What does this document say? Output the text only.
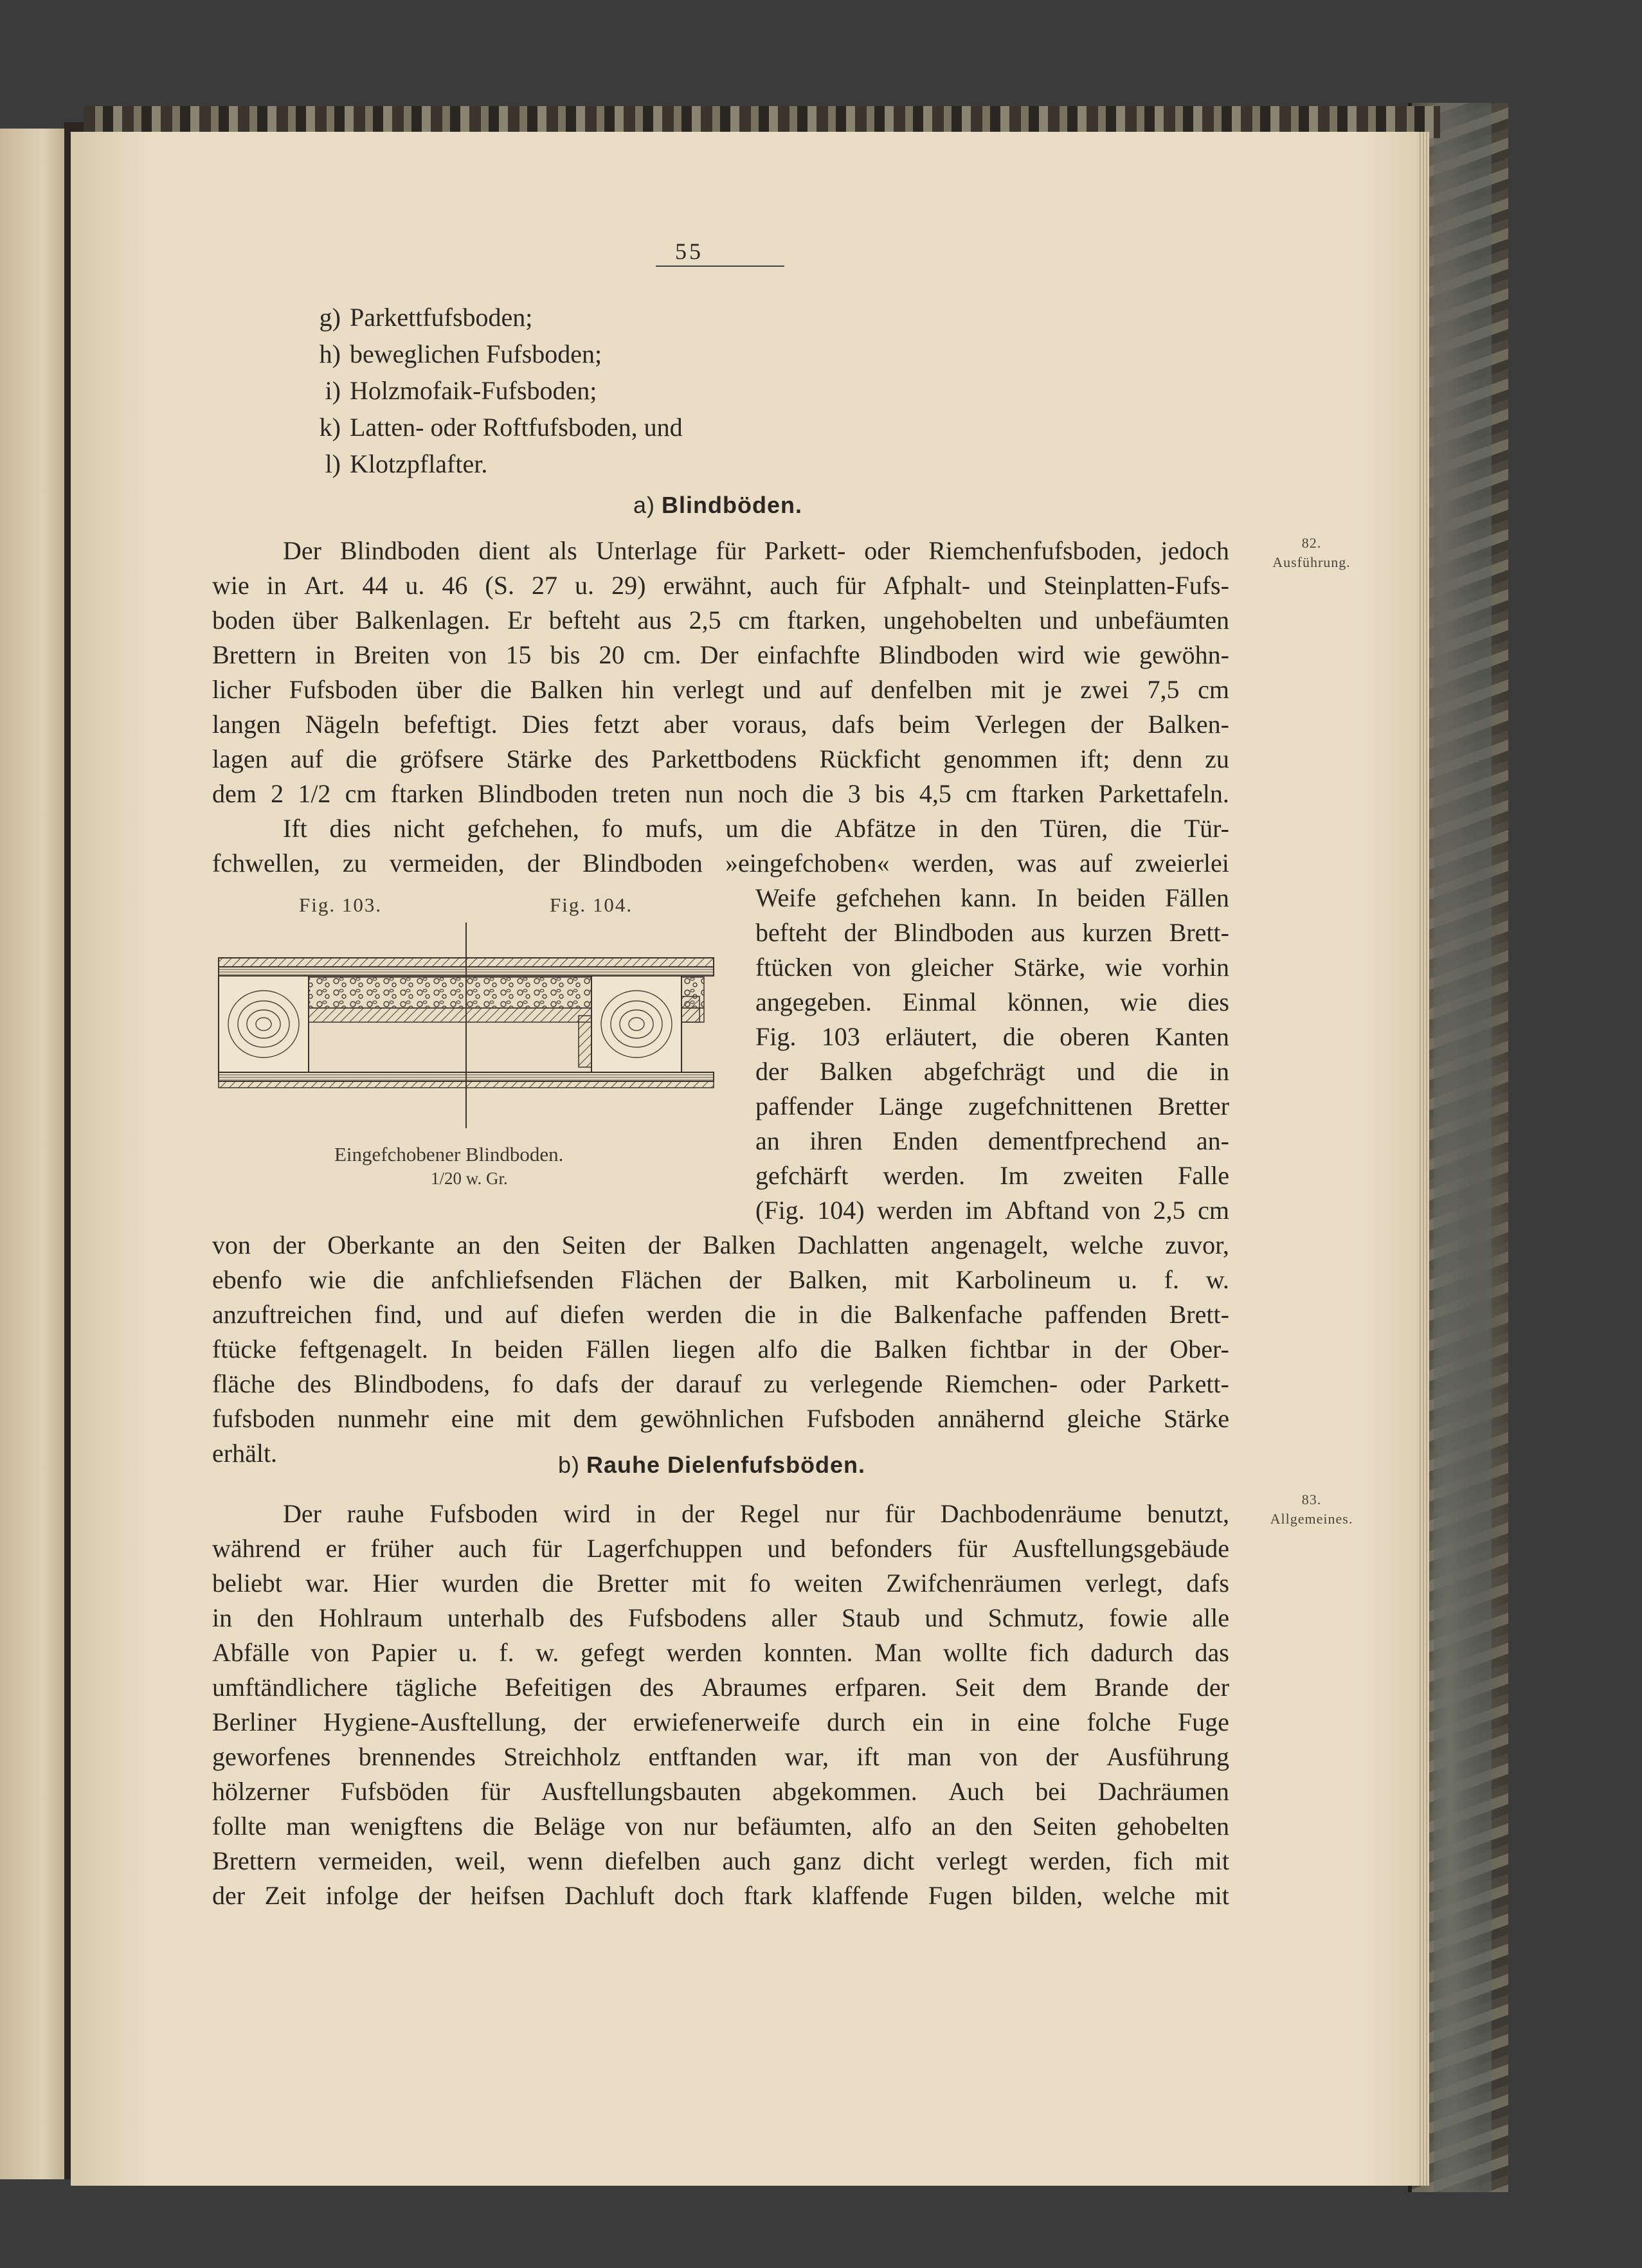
55
g) Parkettfufsboden;
h) beweglichen Fufsboden;
i) Holzmofaik-Fufsboden;
k) Latten- oder Roftfufsboden, und
l) Klotzpflafter.
a) Blindböden.
82.
Ausführung.
Der Blindboden dient als Unterlage für Parkett- oder Riemchenfufsboden, jedoch
wie in Art. 44 u. 46 (S. 27 u. 29) erwähnt, auch für Afphalt- und Steinplatten-Fufs-
boden über Balkenlagen. Er befteht aus 2,5 cm ftarken, ungehobelten und unbefäumten
Brettern in Breiten von 15 bis 20 cm. Der einfachfte Blindboden wird wie gewöhn-
licher Fufsboden über die Balken hin verlegt und auf denfelben mit je zwei 7,5 cm
langen Nägeln befeftigt. Dies fetzt aber voraus, dafs beim Verlegen der Balken-
lagen auf die gröfsere Stärke des Parkettbodens Rückficht genommen ift; denn zu
dem 2 1/2 cm ftarken Blindboden treten nun noch die 3 bis 4,5 cm ftarken Parkettafeln.
Ift dies nicht gefchehen, fo mufs, um die Abfätze in den Türen, die Tür-
fchwellen, zu vermeiden, der Blindboden »eingefchoben« werden, was auf zweierlei
Weife gefchehen kann. In beiden Fällen
befteht der Blindboden aus kurzen Brett-
ftücken von gleicher Stärke, wie vorhin
angegeben. Einmal können, wie dies
Fig. 103 erläutert, die oberen Kanten
der Balken abgefchrägt und die in
paffender Länge zugefchnittenen Bretter
an ihren Enden dementfprechend an-
gefchärft werden. Im zweiten Falle
(Fig. 104) werden im Abftand von 2,5 cm
Fig. 103.	Fig. 104.
Eingefchobener Blindboden.
1/20 w. Gr.
von der Oberkante an den Seiten der Balken Dachlatten angenagelt, welche zuvor,
ebenfo wie die anfchliefsenden Flächen der Balken, mit Karbolineum u. f. w.
anzuftreichen find, und auf diefen werden die in die Balkenfache paffenden Brett-
ftücke feftgenagelt. In beiden Fällen liegen alfo die Balken fichtbar in der Ober-
fläche des Blindbodens, fo dafs der darauf zu verlegende Riemchen- oder Parkett-
fufsboden nunmehr eine mit dem gewöhnlichen Fufsboden annähernd gleiche Stärke
erhält.	b) Rauhe Dielenfufsböden.
83.
Allgemeines.
Der rauhe Fufsboden wird in der Regel nur für Dachbodenräume benutzt,
während er früher auch für Lagerfchuppen und befonders für Ausftellungsgebäude
beliebt war. Hier wurden die Bretter mit fo weiten Zwifchenräumen verlegt, dafs
in den Hohlraum unterhalb des Fufsbodens aller Staub und Schmutz, fowie alle
Abfälle von Papier u. f. w. gefegt werden konnten. Man wollte fich dadurch das
umftändlichere tägliche Befeitigen des Abraumes erfparen. Seit dem Brande der
Berliner Hygiene-Ausftellung, der erwiefenerweife durch ein in eine folche Fuge
geworfenes brennendes Streichholz entftanden war, ift man von der Ausführung
hölzerner Fufsböden für Ausftellungsbauten abgekommen. Auch bei Dachräumen
follte man wenigftens die Beläge von nur befäumten, alfo an den Seiten gehobelten
Brettern vermeiden, weil, wenn diefelben auch ganz dicht verlegt werden, fich mit
der Zeit infolge der heifsen Dachluft doch ftark klaffende Fugen bilden, welche mit
